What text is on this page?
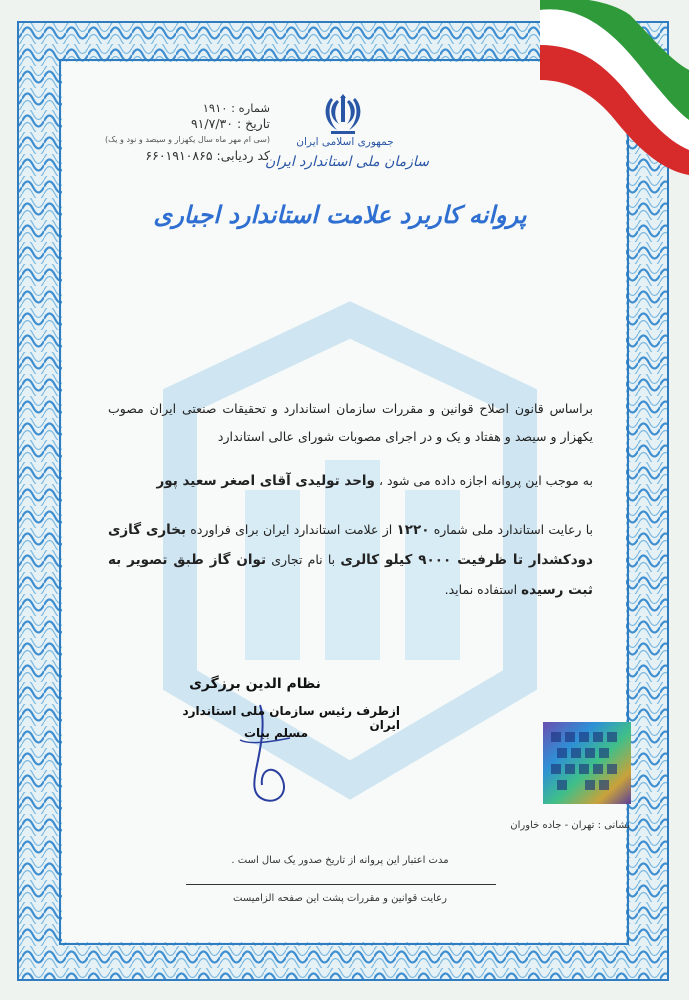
شماره : ۱۹۱۰
تاریخ : ۹۱/۷/۳۰
(سی ام مهر ماه سال یکهزار و سیصد و نود و یک)
کد ردیابی: ۶۶۰۱۹۱۰۸۶۵
جمهوری اسلامی ایران
سازمان ملی استاندارد ایران
پروانه کاربرد علامت استاندارد اجباری
براساس قانون اصلاح قوانین و مقررات سازمان استاندارد و تحقیقات صنعتی ایران مصوب یکهزار و سیصد و هفتاد و یک و در اجرای مصوبات شورای عالی استاندارد
به موجب این پروانه اجازه داده می شود ، واحد تولیدی آقای اصغر سعید پور
با رعایت استاندارد ملی شماره ۱۲۲۰ از علامت استاندارد ایران برای فراورده بخاری گازی دودکشدار تا ظرفیت ۹۰۰۰ کیلو کالری با نام تجاری توان گاز طبق تصویر به ثبت رسیده استفاده نماید.
نظام الدین برزگری
ازطرف رئیس سازمان ملی استاندارد ایران
مسلم بیات
نشانی : تهران - جاده خاوران
مدت اعتبار این پروانه از تاریخ صدور یک سال است .
رعایت قوانین و مقررات پشت این صفحه الزامیست
